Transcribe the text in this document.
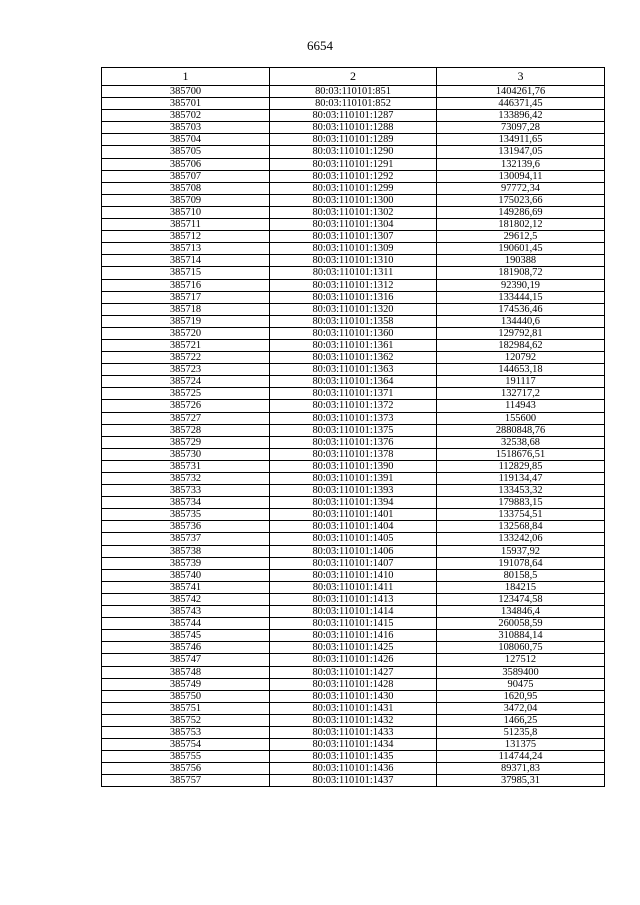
6654
1	2	3
385700	80:03:110101:851	1404261,76
385701	80:03:110101:852	446371,45
385702	80:03:110101:1287	133896,42
385703	80:03:110101:1288	73097,28
385704	80:03:110101:1289	134911,65
385705	80:03:110101:1290	131947,05
385706	80:03:110101:1291	132139,6
385707	80:03:110101:1292	130094,11
385708	80:03:110101:1299	97772,34
385709	80:03:110101:1300	175023,66
385710	80:03:110101:1302	149286,69
385711	80:03:110101:1304	181802,12
385712	80:03:110101:1307	29612,5
385713	80:03:110101:1309	190601,45
385714	80:03:110101:1310	190388
385715	80:03:110101:1311	181908,72
385716	80:03:110101:1312	92390,19
385717	80:03:110101:1316	133444,15
385718	80:03:110101:1320	174536,46
385719	80:03:110101:1358	134440,6
385720	80:03:110101:1360	129792,81
385721	80:03:110101:1361	182984,62
385722	80:03:110101:1362	120792
385723	80:03:110101:1363	144653,18
385724	80:03:110101:1364	191117
385725	80:03:110101:1371	132717,2
385726	80:03:110101:1372	114943
385727	80:03:110101:1373	155600
385728	80:03:110101:1375	2880848,76
385729	80:03:110101:1376	32538,68
385730	80:03:110101:1378	1518676,51
385731	80:03:110101:1390	112829,85
385732	80:03:110101:1391	119134,47
385733	80:03:110101:1393	133453,32
385734	80:03:110101:1394	179883,15
385735	80:03:110101:1401	133754,51
385736	80:03:110101:1404	132568,84
385737	80:03:110101:1405	133242,06
385738	80:03:110101:1406	15937,92
385739	80:03:110101:1407	191078,64
385740	80:03:110101:1410	80158,5
385741	80:03:110101:1411	184215
385742	80:03:110101:1413	123474,58
385743	80:03:110101:1414	134846,4
385744	80:03:110101:1415	260058,59
385745	80:03:110101:1416	310884,14
385746	80:03:110101:1425	108060,75
385747	80:03:110101:1426	127512
385748	80:03:110101:1427	3589400
385749	80:03:110101:1428	90475
385750	80:03:110101:1430	1620,95
385751	80:03:110101:1431	3472,04
385752	80:03:110101:1432	1466,25
385753	80:03:110101:1433	51235,8
385754	80:03:110101:1434	131375
385755	80:03:110101:1435	114744,24
385756	80:03:110101:1436	89371,83
385757	80:03:110101:1437	37985,31
